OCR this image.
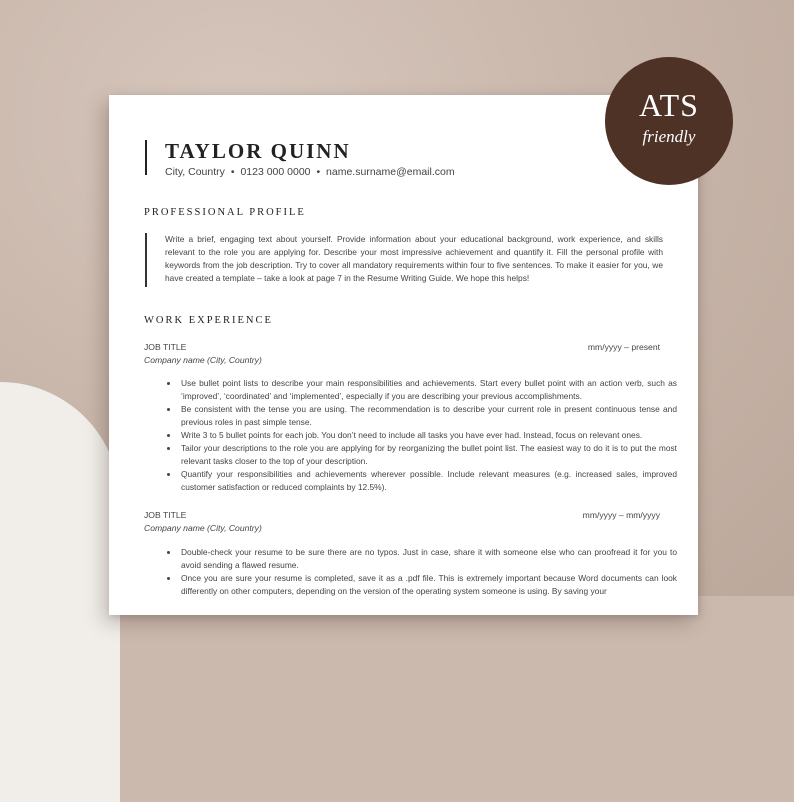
TAYLOR QUINN
City, Country • 0123 000 0000 • name.surname@email.com
PROFESSIONAL PROFILE
Write a brief, engaging text about yourself. Provide information about your educational background, work experience, and skills relevant to the role you are applying for. Describe your most impressive achievement and quantify it. Fill the personal profile with keywords from the job description. Try to cover all mandatory requirements within four to five sentences. To make it easier for you, we have created a template – take a look at page 7 in the Resume Writing Guide. We hope this helps!
WORK EXPERIENCE
JOB TITLE	mm/yyyy – present
Company name (City, Country)
• Use bullet point lists to describe your main responsibilities and achievements. Start every bullet point with an action verb, such as ‘improved’, ‘coordinated’ and ‘implemented’, especially if you are describing your previous accomplishments.
• Be consistent with the tense you are using. The recommendation is to describe your current role in present continuous tense and previous roles in past simple tense.
• Write 3 to 5 bullet points for each job. You don’t need to include all tasks you have ever had. Instead, focus on relevant ones.
• Tailor your descriptions to the role you are applying for by reorganizing the bullet point list. The easiest way to do it is to put the most relevant tasks closer to the top of your description.
• Quantify your responsibilities and achievements wherever possible. Include relevant measures (e.g. increased sales, improved customer satisfaction or reduced complaints by 12.5%).
JOB TITLE	mm/yyyy – mm/yyyy
Company name (City, Country)
• Double-check your resume to be sure there are no typos. Just in case, share it with someone else who can proofread it for you to avoid sending a flawed resume.
• Once you are sure your resume is completed, save it as a .pdf file. This is extremely important because Word documents can look differently on other computers, depending on the version of the operating system someone is using. By saving your
ATS
friendly
